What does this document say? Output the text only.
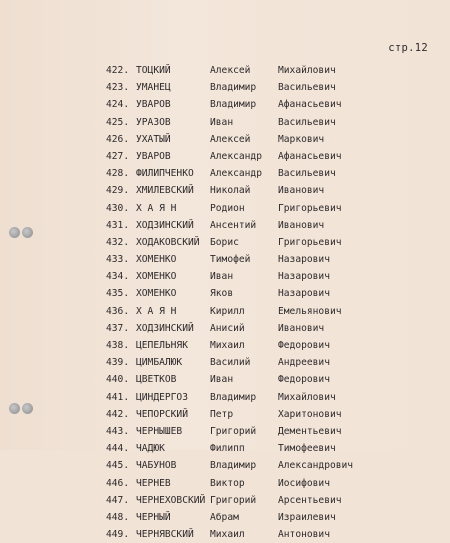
стр.12
422. ТОЦКИЙ	Алексей	Михайлович
423. УМАНЕЦ	Владимир Васильевич
424. УВАРОВ	Владимир Афанасьевич
425. УРАЗОВ	Иван	Васильевич
426. УХАТЫЙ	Алексей	Маркович
427. УВАРОВ	Александр Афанасьевич
428. ФИЛИПЧЕНКО Александр Васильевич
429. ХМИЛЕВСКИЙ Николай	Иванович
430. Х А Я Н	Родион	Григорьевич
431. ХОДЗИНСКИЙ Ансентий Иванович
432. ХОДАКОВСКИЙ Борис	Григорьевич
433. ХОМЕНКО	Тимофей	Назарович
434. ХОМЕНКО	Иван	Назарович
435. ХОМЕНКО	Яков	Назарович
436. Х А Я Н	Кирилл	Емельянович
437. ХОДЗИНСКИЙ Анисий	Иванович
438. ЦЕПЕЛЬНЯК Михаил	Федорович
439. ЦИМБАЛЮК	Василий	Андреевич
440. ЦВЕТКОВ	Иван	Федорович
441. ЦИНДЕРГОЗ Владимир Михайлович
442. ЧЕПОРСКИЙ Петр	Харитонович
443. ЧЕРНЫШЕВ	Григорий Дементьевич
444. ЧАДЮК	Филипп	Тимофеевич
445. ЧАБУНОВ	Владимир Александрович
446. ЧЕРНЕВ	Виктор	Иосифович
447. ЧЕРНЕХОВСКИЙ Григорий Арсентьевич
448. ЧЕРНЫЙ	Абрам	Израилевич
449. ЧЕРНЯВСКИЙ Михаил	Антонович
